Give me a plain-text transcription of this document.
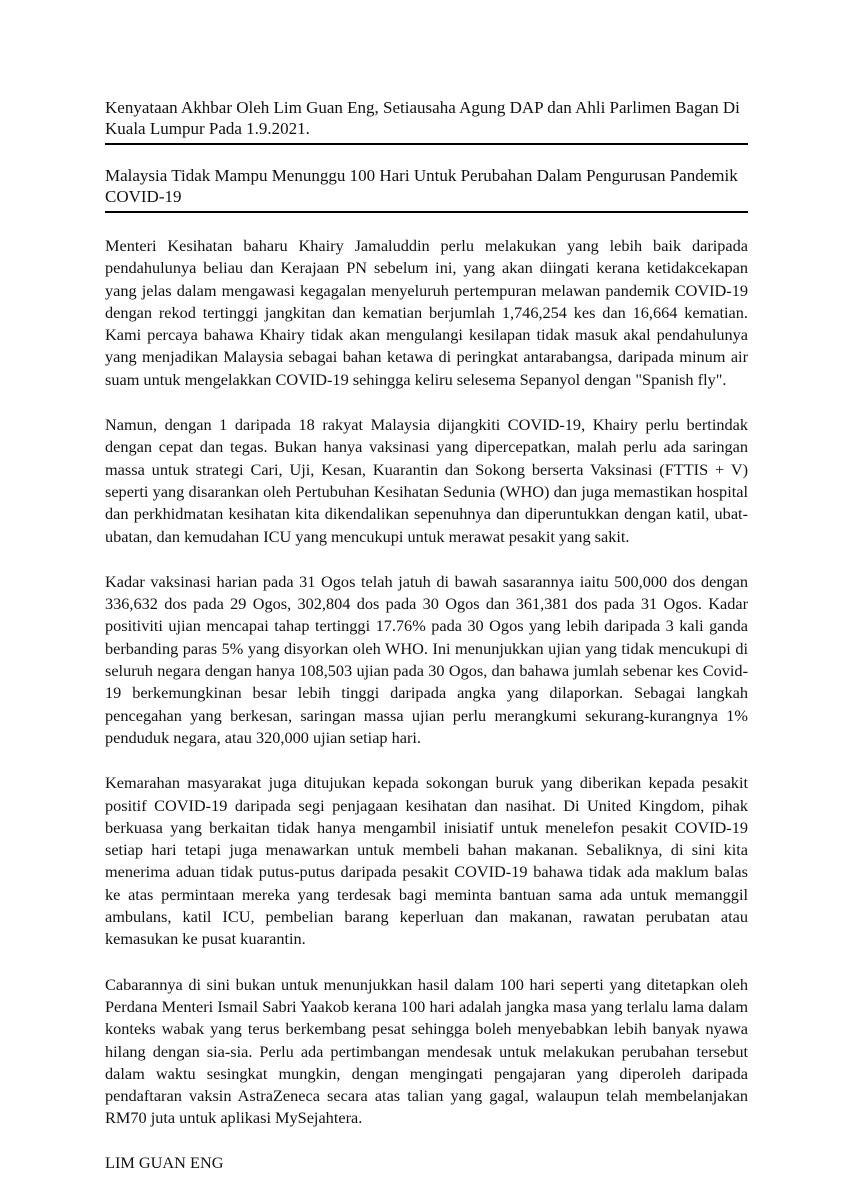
Kenyataan Akhbar Oleh Lim Guan Eng, Setiausaha Agung DAP dan Ahli Parlimen Bagan Di Kuala Lumpur Pada 1.9.2021.
Malaysia Tidak Mampu Menunggu 100 Hari Untuk Perubahan Dalam Pengurusan Pandemik COVID-19

Menteri Kesihatan baharu Khairy Jamaluddin perlu melakukan yang lebih baik daripada pendahulunya beliau dan Kerajaan PN sebelum ini, yang akan diingati kerana ketidakcekapan yang jelas dalam mengawasi kegagalan menyeluruh pertempuran melawan pandemik COVID-19 dengan rekod tertinggi jangkitan dan kematian berjumlah 1,746,254 kes dan 16,664 kematian. Kami percaya bahawa Khairy tidak akan mengulangi kesilapan tidak masuk akal pendahulunya yang menjadikan Malaysia sebagai bahan ketawa di peringkat antarabangsa, daripada minum air suam untuk mengelakkan COVID-19 sehingga keliru selesema Sepanyol dengan "Spanish fly".

Namun, dengan 1 daripada 18 rakyat Malaysia dijangkiti COVID-19, Khairy perlu bertindak dengan cepat dan tegas. Bukan hanya vaksinasi yang dipercepatkan, malah perlu ada saringan massa untuk strategi Cari, Uji, Kesan, Kuarantin dan Sokong berserta Vaksinasi (FTTIS + V) seperti yang disarankan oleh Pertubuhan Kesihatan Sedunia (WHO) dan juga memastikan hospital dan perkhidmatan kesihatan kita dikendalikan sepenuhnya dan diperuntukkan dengan katil, ubat-ubatan, dan kemudahan ICU yang mencukupi untuk merawat pesakit yang sakit.

Kadar vaksinasi harian pada 31 Ogos telah jatuh di bawah sasarannya iaitu 500,000 dos dengan 336,632 dos pada 29 Ogos, 302,804 dos pada 30 Ogos dan 361,381 dos pada 31 Ogos. Kadar positiviti ujian mencapai tahap tertinggi 17.76% pada 30 Ogos yang lebih daripada 3 kali ganda berbanding paras 5% yang disyorkan oleh WHO. Ini menunjukkan ujian yang tidak mencukupi di seluruh negara dengan hanya 108,503 ujian pada 30 Ogos, dan bahawa jumlah sebenar kes Covid-19 berkemungkinan besar lebih tinggi daripada angka yang dilaporkan. Sebagai langkah pencegahan yang berkesan, saringan massa ujian perlu merangkumi sekurang-kurangnya 1% penduduk negara, atau 320,000 ujian setiap hari.

Kemarahan masyarakat juga ditujukan kepada sokongan buruk yang diberikan kepada pesakit positif COVID-19 daripada segi penjagaan kesihatan dan nasihat. Di United Kingdom, pihak berkuasa yang berkaitan tidak hanya mengambil inisiatif untuk menelefon pesakit COVID-19 setiap hari tetapi juga menawarkan untuk membeli bahan makanan. Sebaliknya, di sini kita menerima aduan tidak putus-putus daripada pesakit COVID-19 bahawa tidak ada maklum balas ke atas permintaan mereka yang terdesak bagi meminta bantuan sama ada untuk memanggil ambulans, katil ICU, pembelian barang keperluan dan makanan, rawatan perubatan atau kemasukan ke pusat kuarantin.

Cabarannya di sini bukan untuk menunjukkan hasil dalam 100 hari seperti yang ditetapkan oleh Perdana Menteri Ismail Sabri Yaakob kerana 100 hari adalah jangka masa yang terlalu lama dalam konteks wabak yang terus berkembang pesat sehingga boleh menyebabkan lebih banyak nyawa hilang dengan sia-sia. Perlu ada pertimbangan mendesak untuk melakukan perubahan tersebut dalam waktu sesingkat mungkin, dengan mengingati pengajaran yang diperoleh daripada pendaftaran vaksin AstraZeneca secara atas talian yang gagal, walaupun telah membelanjakan RM70 juta untuk aplikasi MySejahtera.

LIM GUAN ENG
